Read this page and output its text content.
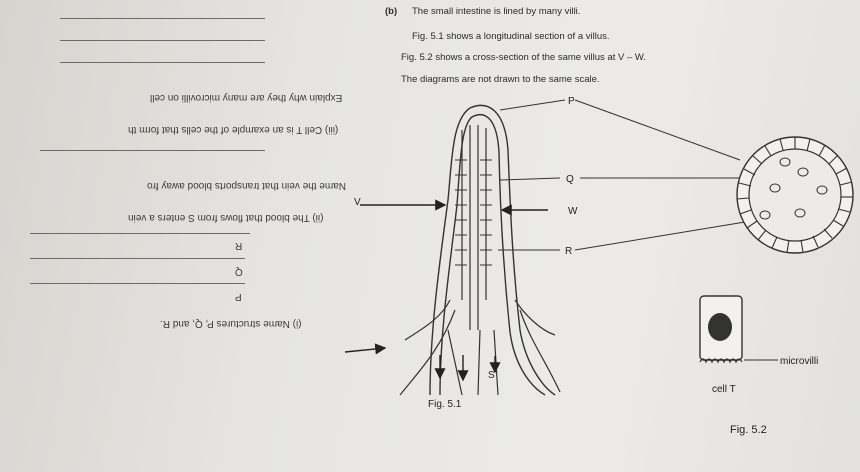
(b) The small intestine is lined by many villi.
Fig. 5.1 shows a longitudinal section of a villus.
Fig. 5.2 shows a cross-section of the same villus at V – W.
The diagrams are not drawn to the same scale.
Explain why they are many microvilli on cell
(iii) Cell T is an example of the cells that form th
Name the vein that transports blood away fro
(ii) The blood that flows from S enters a vein
R
Q
P
(i) Name structures P, Q, and R.
P
Q
R
V
W
S
microvilli
cell T
Fig. 5.1
Fig. 5.2
